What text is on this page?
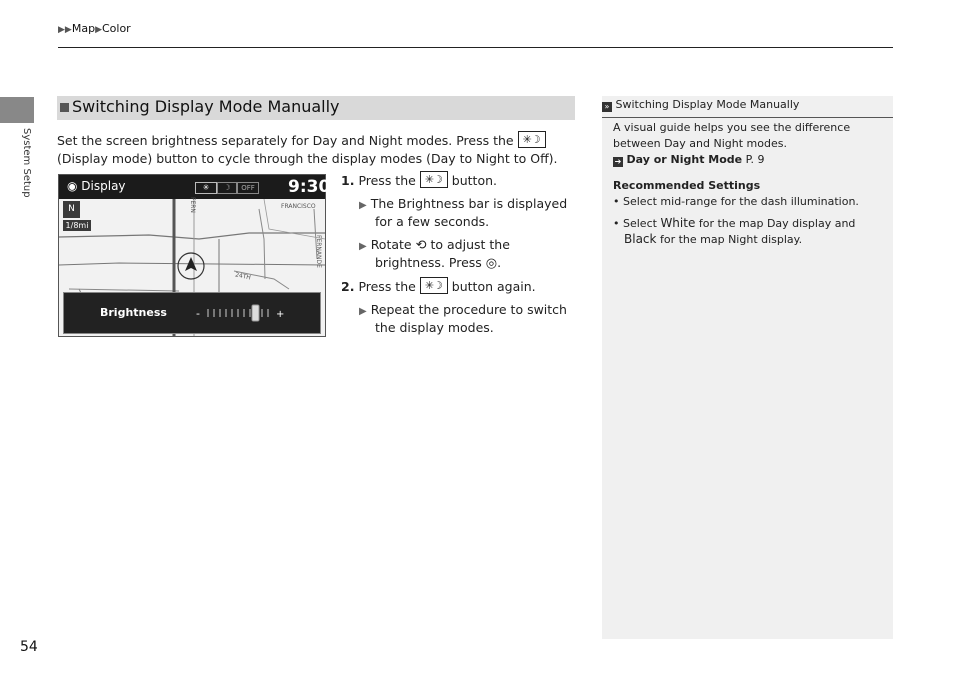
▶▶Map▶Color
System Setup
Switching Display Mode Manually
Set the screen brightness separately for Day and Night modes. Press the ✳
☽
(Display mode) button to cycle through the display modes (Day to Night to Off).
◉ Display	✳	☽	OFF 9:30
N
1/8mi
FRANCISCO
FERN
FERNANDE
24TH
Brightness	-	+
1. Press the ✳
☽ button.
▶ The Brightness bar is displayed
for a few seconds.
▶ Rotate ⟲ to adjust the
brightness. Press ◎.
2. Press the ✳
☽ button again.
▶ Repeat the procedure to switch
the display modes.
» Switching Display Mode Manually
A visual guide helps you see the difference
between Day and Night modes.
➔ Day or Night Mode P. 9
Recommended Settings
• Select mid-range for the dash illumination.
• Select White for the map Day display and
Black for the map Night display.
54
